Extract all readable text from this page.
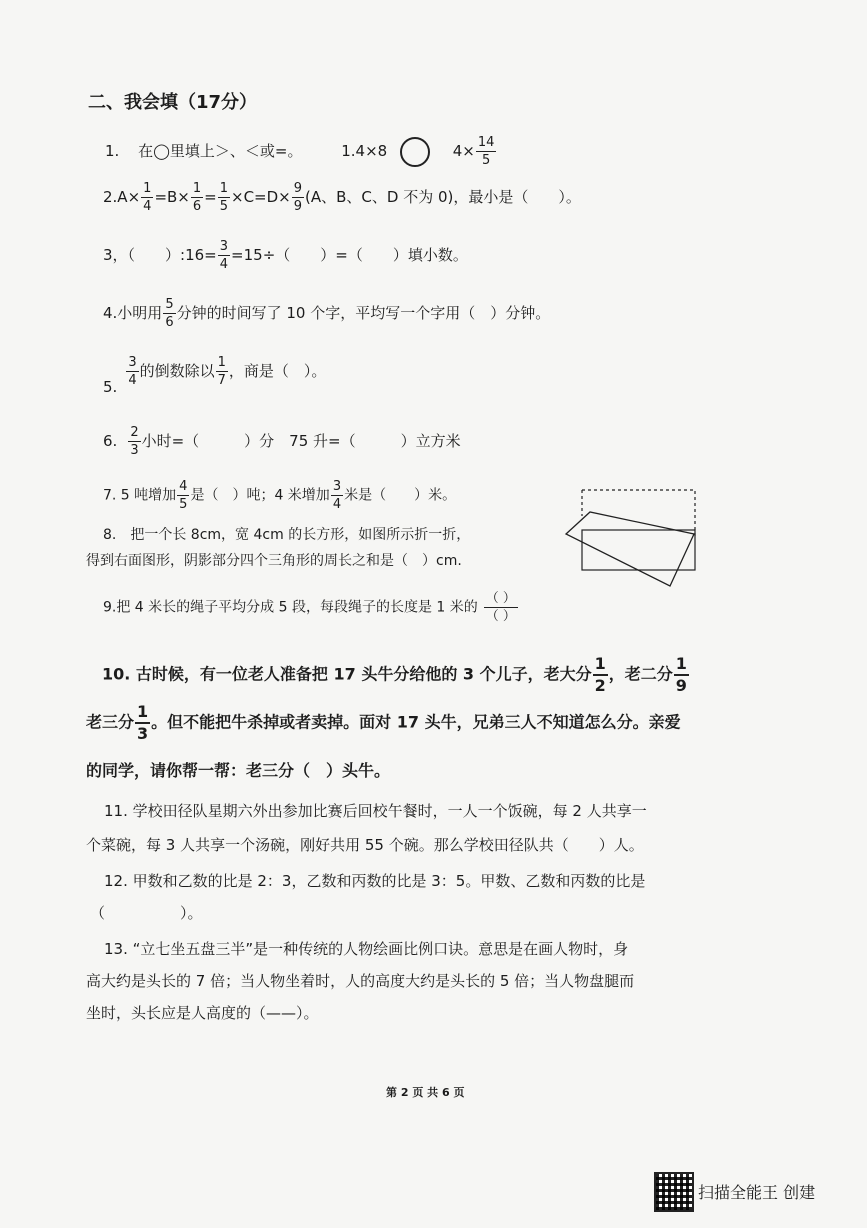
二、我会填（17分）
1. 在◯里填上＞、＜或=。	1.4×8	$4\times \frac{14}{5}$
$2.A\times \frac{1}{4} =B\times \frac{1}{6} = \frac{1}{5} \times C=D\times \frac{9}{9} (A$、B、C、D 不为 0)，最小是（　　）。
3，（　　）:16= $\frac{3}{4} =15\div$（　　）=（　　）填小数。
4.小明用 $\frac{5}{6}$ 分钟的时间写了 10 个字，平均写一个字用（　）分钟。
5. $\frac{3}{4}$ 的倒数除以 $\frac{1}{7}$ ，商是（　）。
6. $\frac{2}{3}$ 小时=（　　　）分　75 升=（　　　）立方米
7. 5 吨增加 $\frac{4}{5}$ 是（　）吨；4 米增加 $\frac{3}{4}$ 米是（　　）米。
8.　把一个长 8cm，宽 4cm 的长方形，如图所示折一折，
得到右面图形，阴影部分四个三角形的周长之和是（　）cm.
9.把 4 米长的绳子平均分成 5 段，每段绳子的长度是 1 米的 $\frac{( )}{( )}$
10. 古时候，有一位老人准备把 17 头牛分给他的 3 个儿子，老大分 $\frac{1}{2}$ ，老二分 $\frac{1}{9}$
老三分 $\frac{1}{3}$ 。但不能把牛杀掉或者卖掉。面对 17 头牛，兄弟三人不知道怎么分。亲爱
的同学，请你帮一帮：老三分（　）头牛。
11. 学校田径队星期六外出参加比赛后回校午餐时，一人一个饭碗，每 2 人共享一
个菜碗，每 3 人共享一个汤碗，刚好共用 55 个碗。那么学校田径队共（　　）人。
12. 甲数和乙数的比是 2：3，乙数和丙数的比是 3：5。甲数、乙数和丙数的比是
（　　　　　）。
13. “立七坐五盘三半”是一种传统的人物绘画比例口诀。意思是在画人物时，身
高大约是头长的 7 倍；当人物坐着时，人的高度大约是头长的 5 倍；当人物盘腿而
坐时，头长应是人高度的（——）。
第 2 页 共 6 页
扫描全能王 创建
